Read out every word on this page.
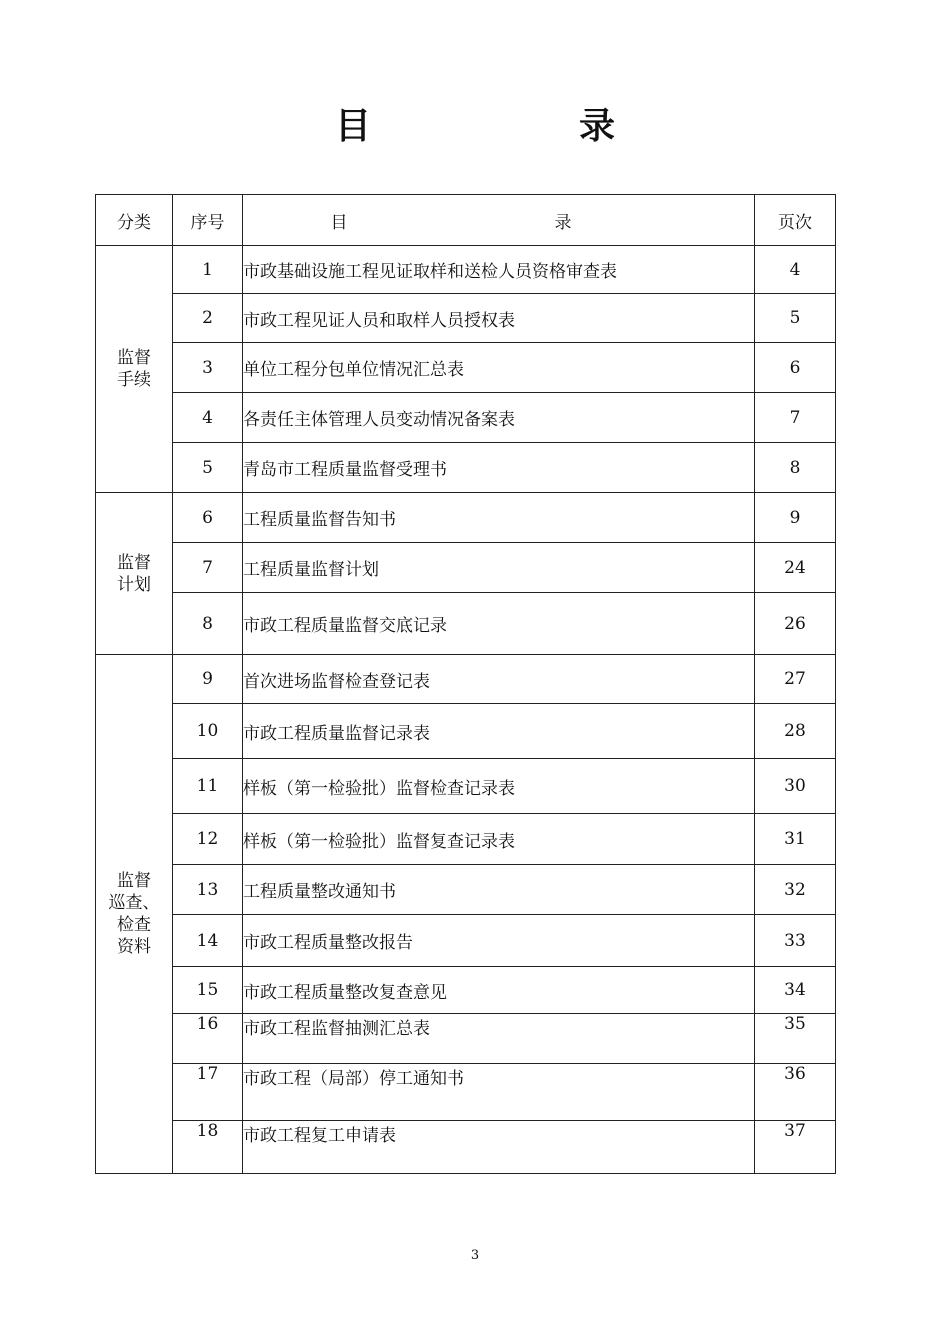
目　录
分类	序号	目　录	页次
监督
手续	1	市政基础设施工程见证取样和送检人员资格审查表	4
	2	市政工程见证人员和取样人员授权表	5
	3	单位工程分包单位情况汇总表	6
	4	各责任主体管理人员变动情况备案表	7
	5	青岛市工程质量监督受理书	8
监督
计划	6	工程质量监督告知书	9
	7	工程质量监督计划	24
	8	市政工程质量监督交底记录	26
监督
巡查、
检查
资料	9	首次进场监督检查登记表	27
	10	市政工程质量监督记录表	28
	11	样板（第一检验批）监督检查记录表	30
	12	样板（第一检验批）监督复查记录表	31
	13	工程质量整改通知书	32
	14	市政工程质量整改报告	33
	15	市政工程质量整改复查意见	34
	16	市政工程监督抽测汇总表	35
	17	市政工程（局部）停工通知书	36
	18	市政工程复工申请表	37
3
